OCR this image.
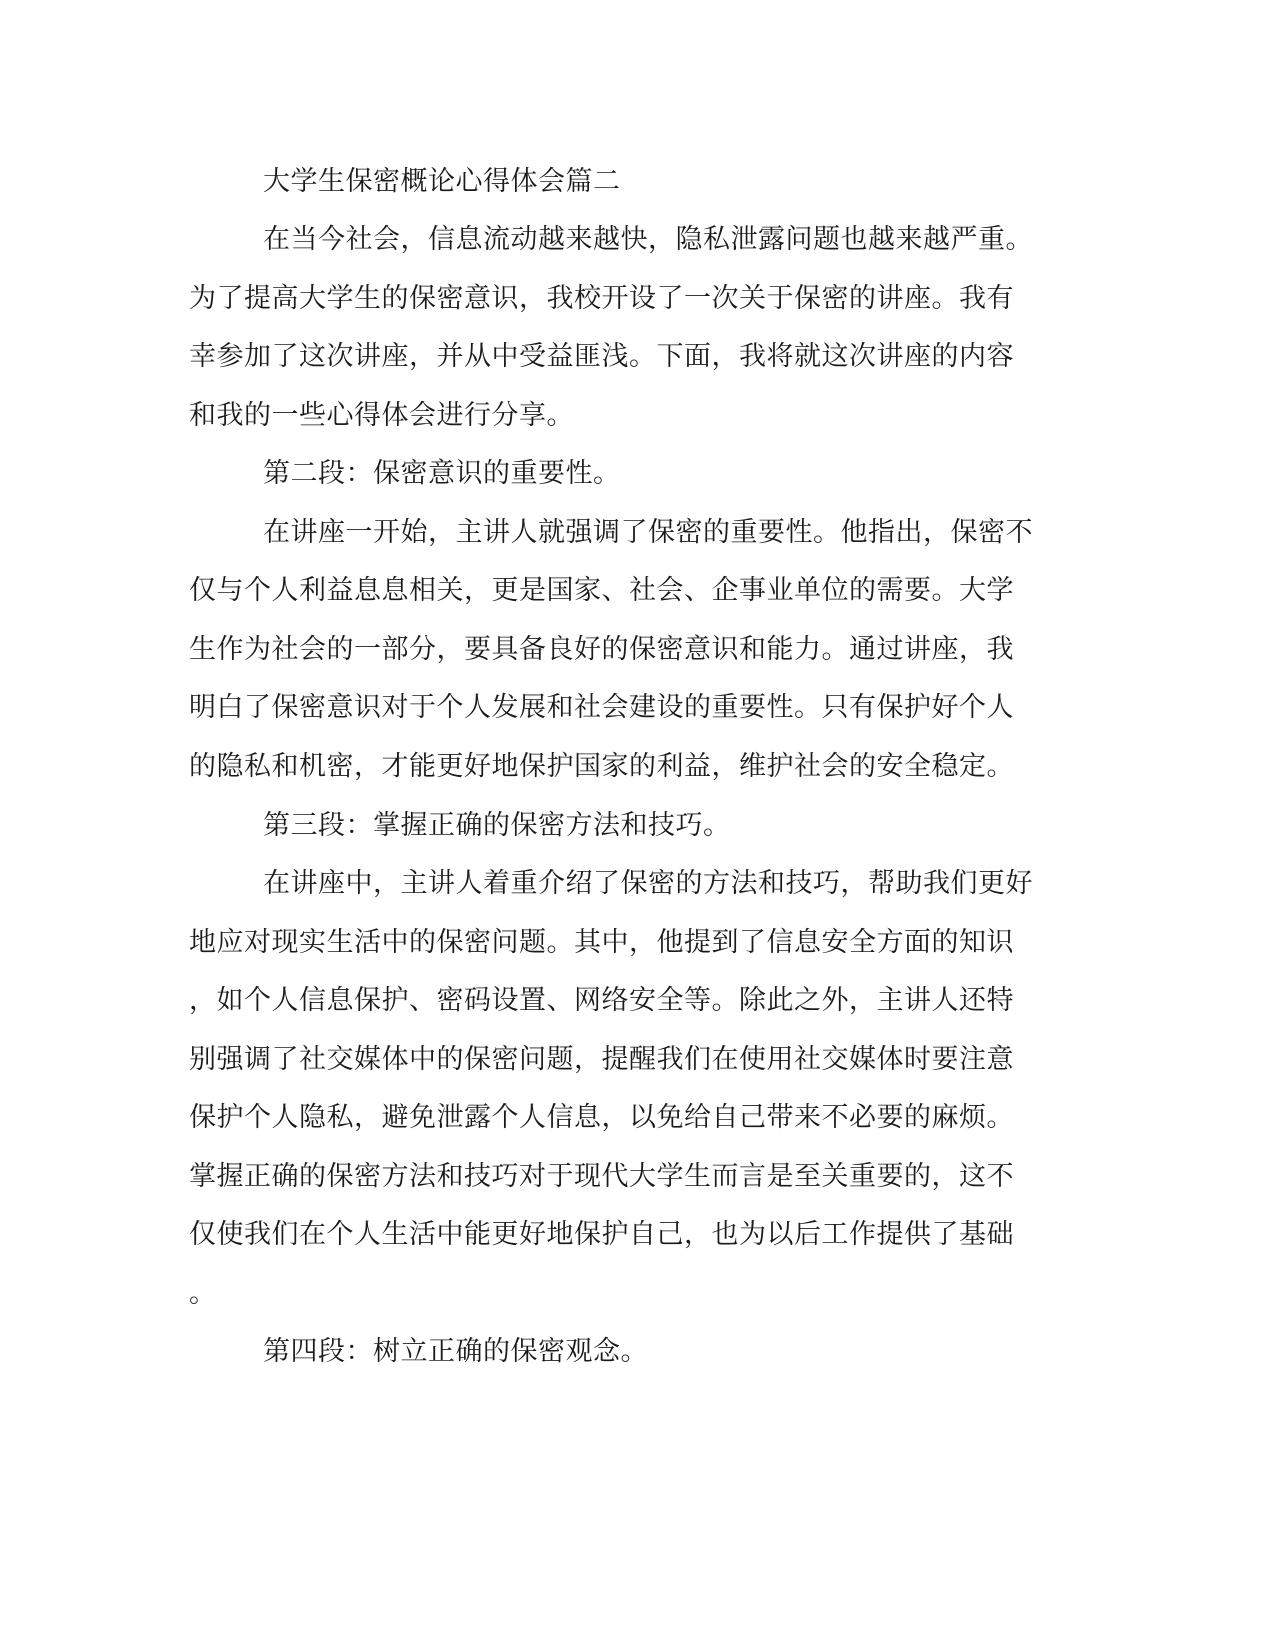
大学生保密概论心得体会篇二
在当今社会，信息流动越来越快，隐私泄露问题也越来越严重。
为了提高大学生的保密意识，我校开设了一次关于保密的讲座。我有
幸参加了这次讲座，并从中受益匪浅。下面，我将就这次讲座的内容
和我的一些心得体会进行分享。
第二段：保密意识的重要性。
在讲座一开始，主讲人就强调了保密的重要性。他指出，保密不
仅与个人利益息息相关，更是国家、社会、企事业单位的需要。大学
生作为社会的一部分，要具备良好的保密意识和能力。通过讲座，我
明白了保密意识对于个人发展和社会建设的重要性。只有保护好个人
的隐私和机密，才能更好地保护国家的利益，维护社会的安全稳定。
第三段：掌握正确的保密方法和技巧。
在讲座中，主讲人着重介绍了保密的方法和技巧，帮助我们更好
地应对现实生活中的保密问题。其中，他提到了信息安全方面的知识
，如个人信息保护、密码设置、网络安全等。除此之外，主讲人还特
别强调了社交媒体中的保密问题，提醒我们在使用社交媒体时要注意
保护个人隐私，避免泄露个人信息，以免给自己带来不必要的麻烦。
掌握正确的保密方法和技巧对于现代大学生而言是至关重要的，这不
仅使我们在个人生活中能更好地保护自己，也为以后工作提供了基础
。
第四段：树立正确的保密观念。
